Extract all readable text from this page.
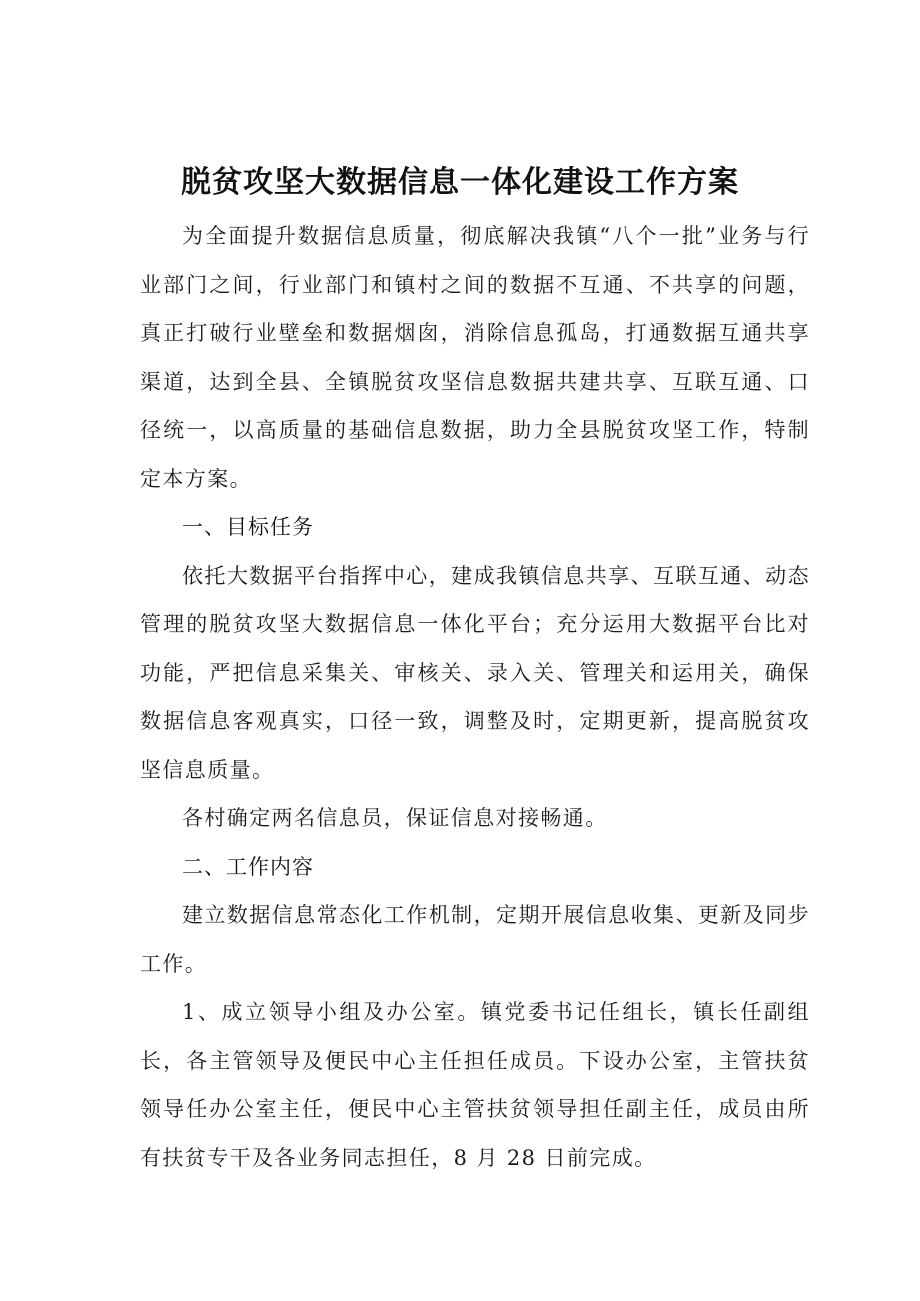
脱贫攻坚大数据信息一体化建设工作方案

为全面提升数据信息质量，彻底解决我镇“八个一批”业务与行业部门之间，行业部门和镇村之间的数据不互通、不共享的问题，真正打破行业壁垒和数据烟囱，消除信息孤岛，打通数据互通共享渠道，达到全县、全镇脱贫攻坚信息数据共建共享、互联互通、口径统一，以高质量的基础信息数据，助力全县脱贫攻坚工作，特制定本方案。

一、目标任务

依托大数据平台指挥中心，建成我镇信息共享、互联互通、动态管理的脱贫攻坚大数据信息一体化平台；充分运用大数据平台比对功能，严把信息采集关、审核关、录入关、管理关和运用关，确保数据信息客观真实，口径一致，调整及时，定期更新，提高脱贫攻坚信息质量。

各村确定两名信息员，保证信息对接畅通。

二、工作内容

建立数据信息常态化工作机制，定期开展信息收集、更新及同步工作。

1、成立领导小组及办公室。镇党委书记任组长，镇长任副组长，各主管领导及便民中心主任担任成员。下设办公室，主管扶贫领导任办公室主任，便民中心主管扶贫领导担任副主任，成员由所有扶贫专干及各业务同志担任，8 月 28 日前完成。
